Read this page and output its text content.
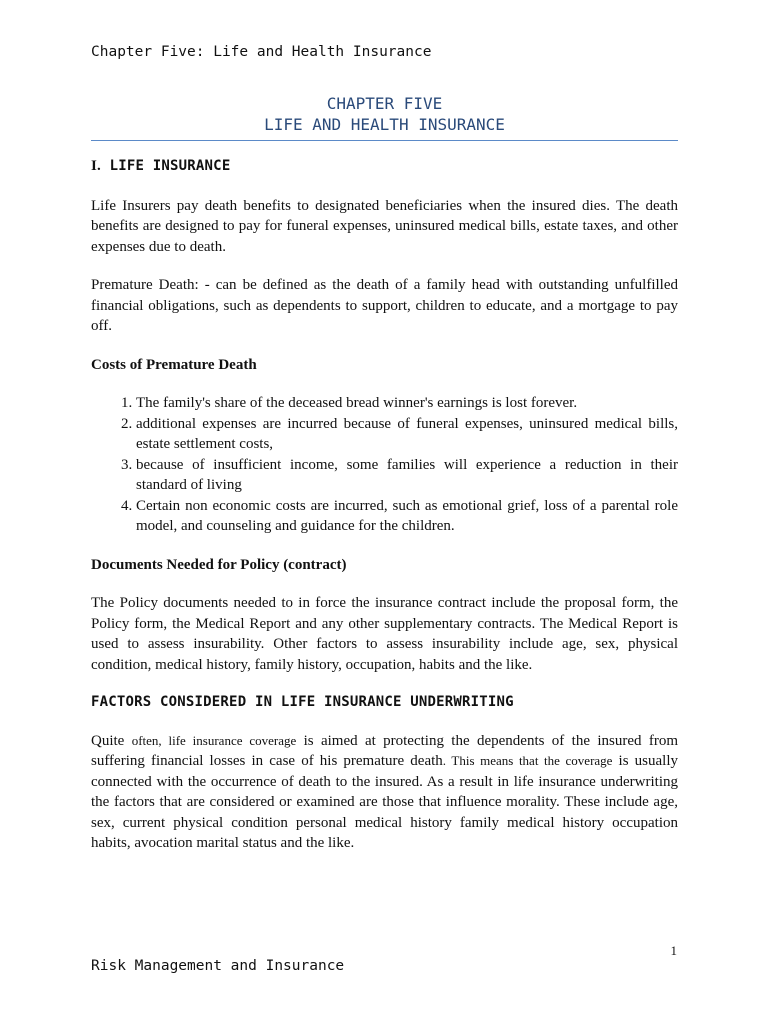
Chapter Five: Life and Health Insurance
CHAPTER FIVE
LIFE AND HEALTH INSURANCE

I. LIFE INSURANCE

Life Insurers pay death benefits to designated beneficiaries when the insured dies. The death benefits are designed to pay for funeral expenses, uninsured medical bills, estate taxes, and other expenses due to death.

Premature Death: - can be defined as the death of a family head with outstanding unfulfilled financial obligations, such as dependents to support, children to educate, and a mortgage to pay off.

Costs of Premature Death

1. The family's share of the deceased bread winner's earnings is lost forever.
2. additional expenses are incurred because of funeral expenses, uninsured medical bills, estate settlement costs,
3. because of insufficient income, some families will experience a reduction in their standard of living
4. Certain non economic costs are incurred, such as emotional grief, loss of a parental role model, and counseling and guidance for the children.

Documents Needed for Policy (contract)

The Policy documents needed to in force the insurance contract include the proposal form, the Policy form, the Medical Report and any other supplementary contracts. The Medical Report is used to assess insurability. Other factors to assess insurability include age, sex, physical condition, medical history, family history, occupation, habits and the like.

FACTORS CONSIDERED IN LIFE INSURANCE UNDERWRITING

Quite often, life insurance coverage is aimed at protecting the dependents of the insured from suffering financial losses in case of his premature death. This means that the coverage is usually connected with the occurrence of death to the insured. As a result in life insurance underwriting the factors that are considered or examined are those that influence morality. These include age, sex, current physical condition personal medical history family medical history occupation habits, avocation marital status and the like.

1
Risk Management and Insurance
